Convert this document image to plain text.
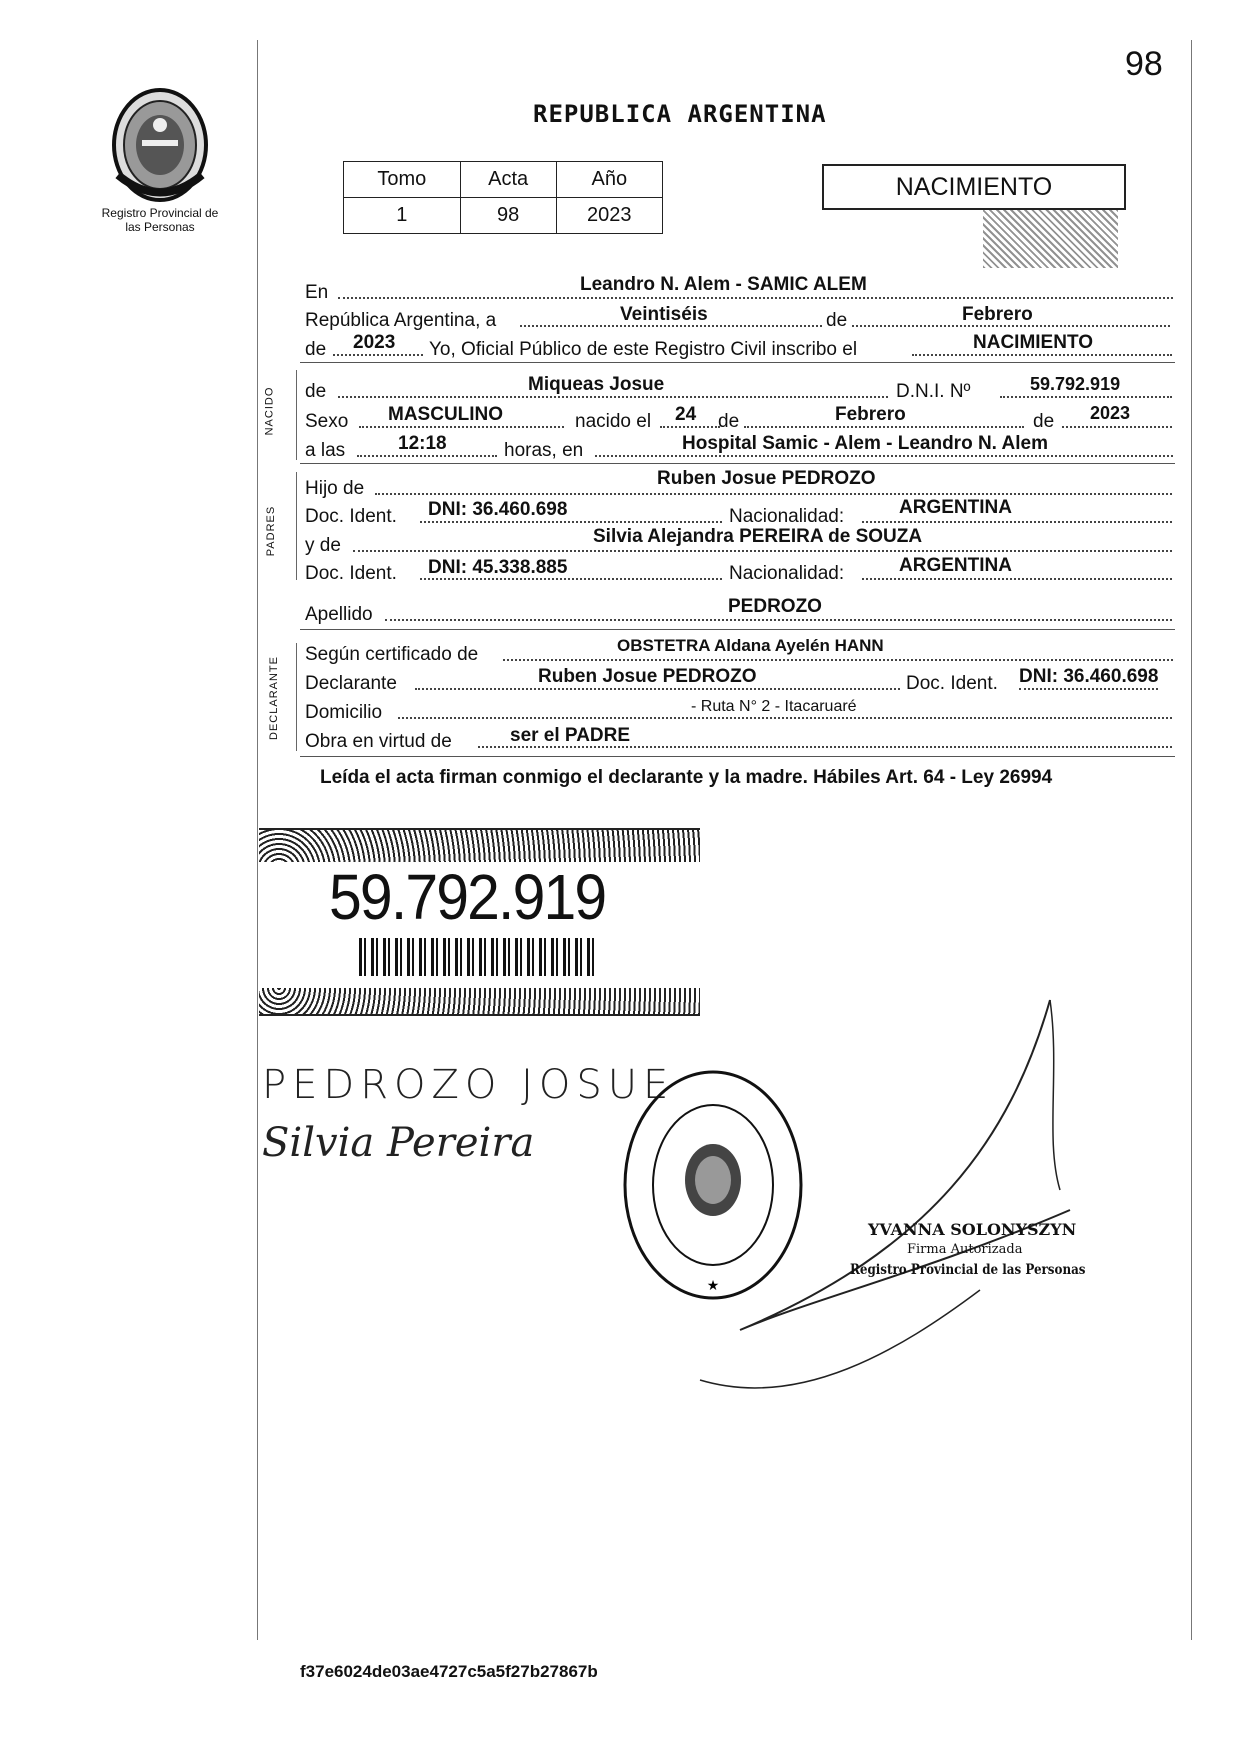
98
Registro Provincial de las Personas
REPUBLICA ARGENTINA
Tomo	Acta	Año
1	98	2023
NACIMIENTO
En	Leandro N. Alem - SAMIC ALEM
República Argentina, a	Veintiséis	de	Febrero
de 2023 Yo, Oficial Público de este Registro Civil inscribo el	NACIMIENTO
NACIDO de	Miqueas Josue	D.N.I. Nº	59.792.919
Sexo MASCULINO	nacido el 24 de	Febrero	de 2023
a las	12:18	horas, en	Hospital Samic - Alem - Leandro N. Alem
PADRES
Hijo de	Ruben Josue PEDROZO
Doc. Ident. DNI: 36.460.698	Nacionalidad:	ARGENTINA
y de	Silvia Alejandra PEREIRA de SOUZA
Doc. Ident. DNI: 45.338.885	Nacionalidad:	ARGENTINA
Apellido	PEDROZO
DECLARANTE
Según certificado de	OBSTETRA Aldana Ayelén HANN
Declarante	Ruben Josue PEDROZO	Doc. Ident. DNI: 36.460.698
Domicilio	- Ruta N° 2 - Itacaruaré
Obra en virtud de	ser el PADRE
Leída el acta firman conmigo el declarante y la madre. Hábiles Art. 64 - Ley 26994
59.792.919
PEDROZO JOSUE
Silvia Pereira
★
YVANNA SOLONYSZYN
Firma Autorizada
Registro Provincial de las Personas
f37e6024de03ae4727c5a5f27b27867b
